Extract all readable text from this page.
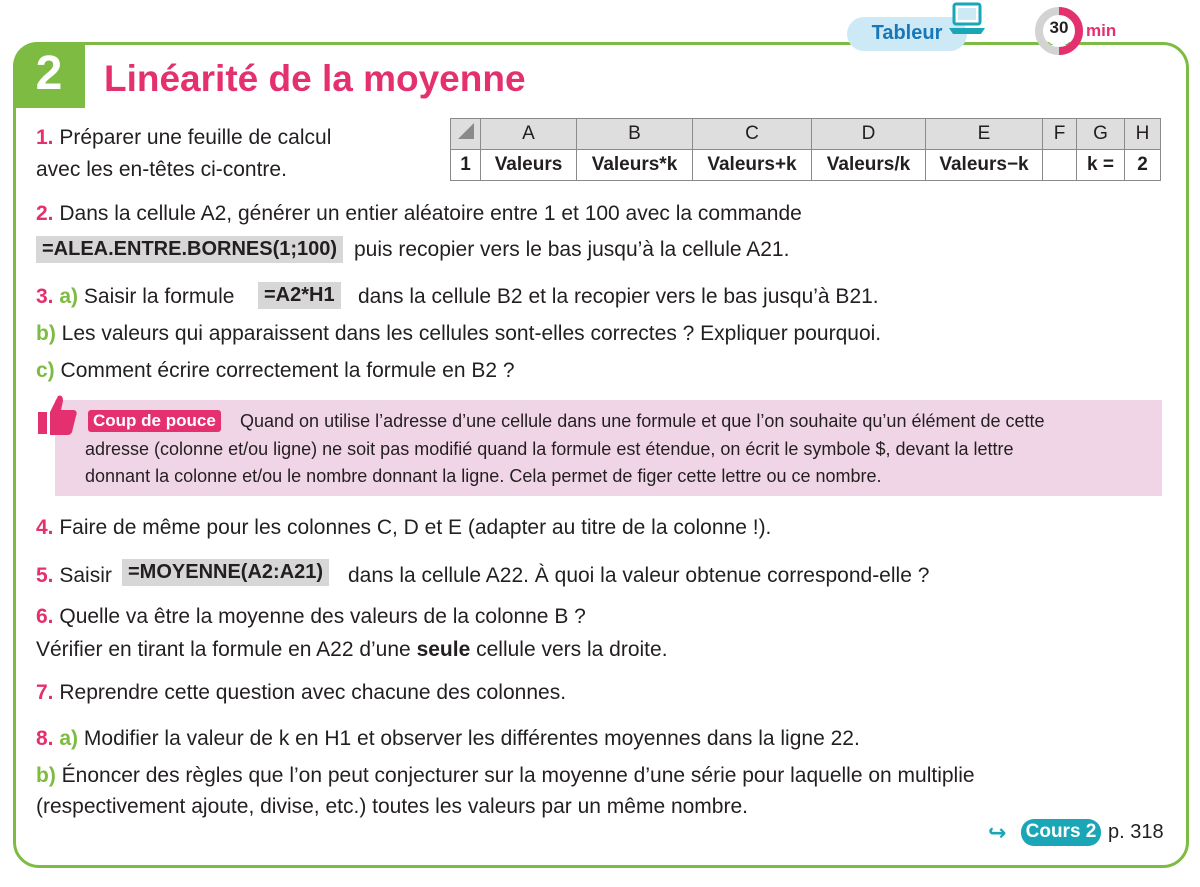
2	Linéarité de la moyenne
Tableur	30	min
1. Préparer une feuille de calcul
avec les en-têtes ci-contre.
	A	B	C	D	E	F	G	H
1	Valeurs	Valeurs*k	Valeurs+k	Valeurs/k	Valeurs−k		k =	2
2. Dans la cellule A2, générer un entier aléatoire entre 1 et 100 avec la commande
=ALEA.ENTRE.BORNES(1;100) puis recopier vers le bas jusqu’à la cellule A21.
3. a) Saisir la formule	=A2*H1 dans la cellule B2 et la recopier vers le bas jusqu’à B21.
b) Les valeurs qui apparaissent dans les cellules sont-elles correctes ? Expliquer pourquoi.
c) Comment écrire correctement la formule en B2 ?
Coup de pouce Quand on utilise l’adresse d’une cellule dans une formule et que l’on souhaite qu’un élément de cette
adresse (colonne et/ou ligne) ne soit pas modifié quand la formule est étendue, on écrit le symbole $, devant la lettre
donnant la colonne et/ou le nombre donnant la ligne. Cela permet de figer cette lettre ou ce nombre.
4. Faire de même pour les colonnes C, D et E (adapter au titre de la colonne !).
5. Saisir =MOYENNE(A2:A21) dans la cellule A22. À quoi la valeur obtenue correspond-elle ?
6. Quelle va être la moyenne des valeurs de la colonne B ?
Vérifier en tirant la formule en A22 d’une seule cellule vers la droite.
7. Reprendre cette question avec chacune des colonnes.
8. a) Modifier la valeur de k en H1 et observer les différentes moyennes dans la ligne 22.
b) Énoncer des règles que l’on peut conjecturer sur la moyenne d’une série pour laquelle on multiplie
(respectivement ajoute, divise, etc.) toutes les valeurs par un même nombre.
↪ Cours 2 p. 318
